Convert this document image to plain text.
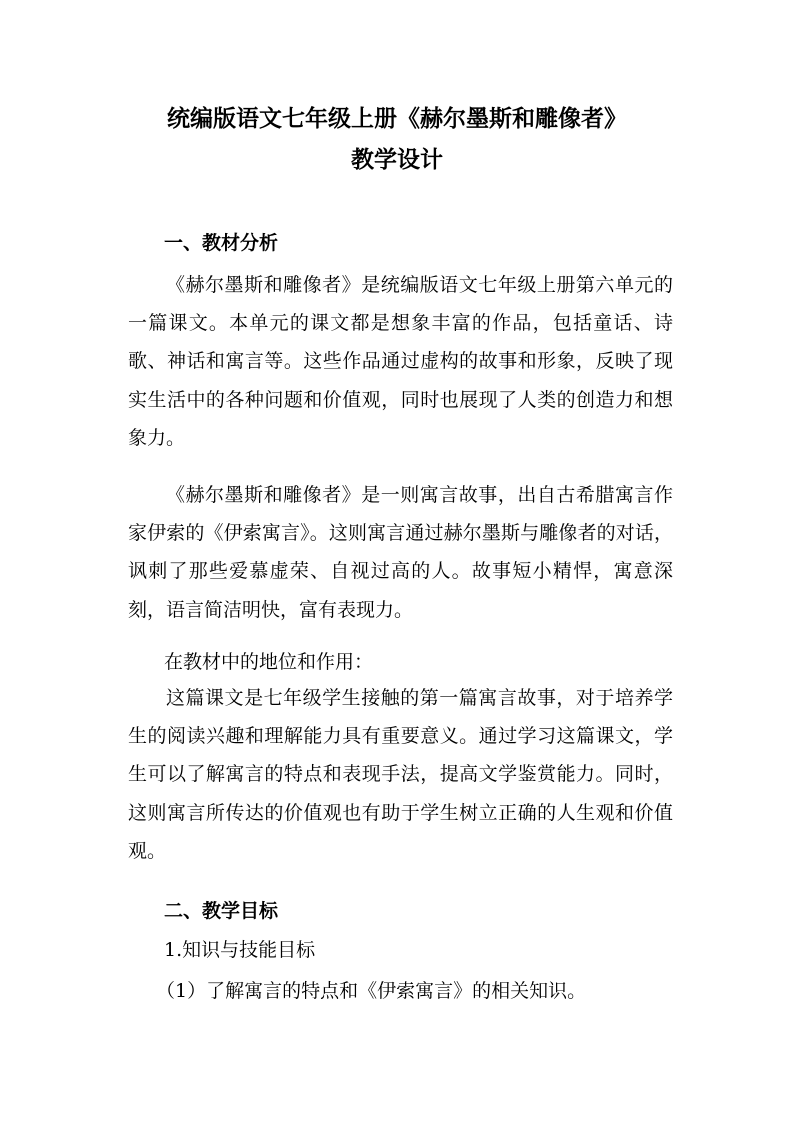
统编版语文七年级上册《赫尔墨斯和雕像者》
教学设计
一、教材分析

《赫尔墨斯和雕像者》是统编版语文七年级上册第六单元的一篇课文。本单元的课文都是想象丰富的作品，包括童话、诗歌、神话和寓言等。这些作品通过虚构的故事和形象，反映了现实生活中的各种问题和价值观，同时也展现了人类的创造力和想象力。

《赫尔墨斯和雕像者》是一则寓言故事，出自古希腊寓言作家伊索的《伊索寓言》。这则寓言通过赫尔墨斯与雕像者的对话，讽刺了那些爱慕虚荣、自视过高的人。故事短小精悍，寓意深刻，语言简洁明快，富有表现力。

在教材中的地位和作用：

这篇课文是七年级学生接触的第一篇寓言故事，对于培养学生的阅读兴趣和理解能力具有重要意义。通过学习这篇课文，学生可以了解寓言的特点和表现手法，提高文学鉴赏能力。同时，这则寓言所传达的价值观也有助于学生树立正确的人生观和价值观。

二、教学目标
1.知识与技能目标
（1）了解寓言的特点和《伊索寓言》的相关知识。
